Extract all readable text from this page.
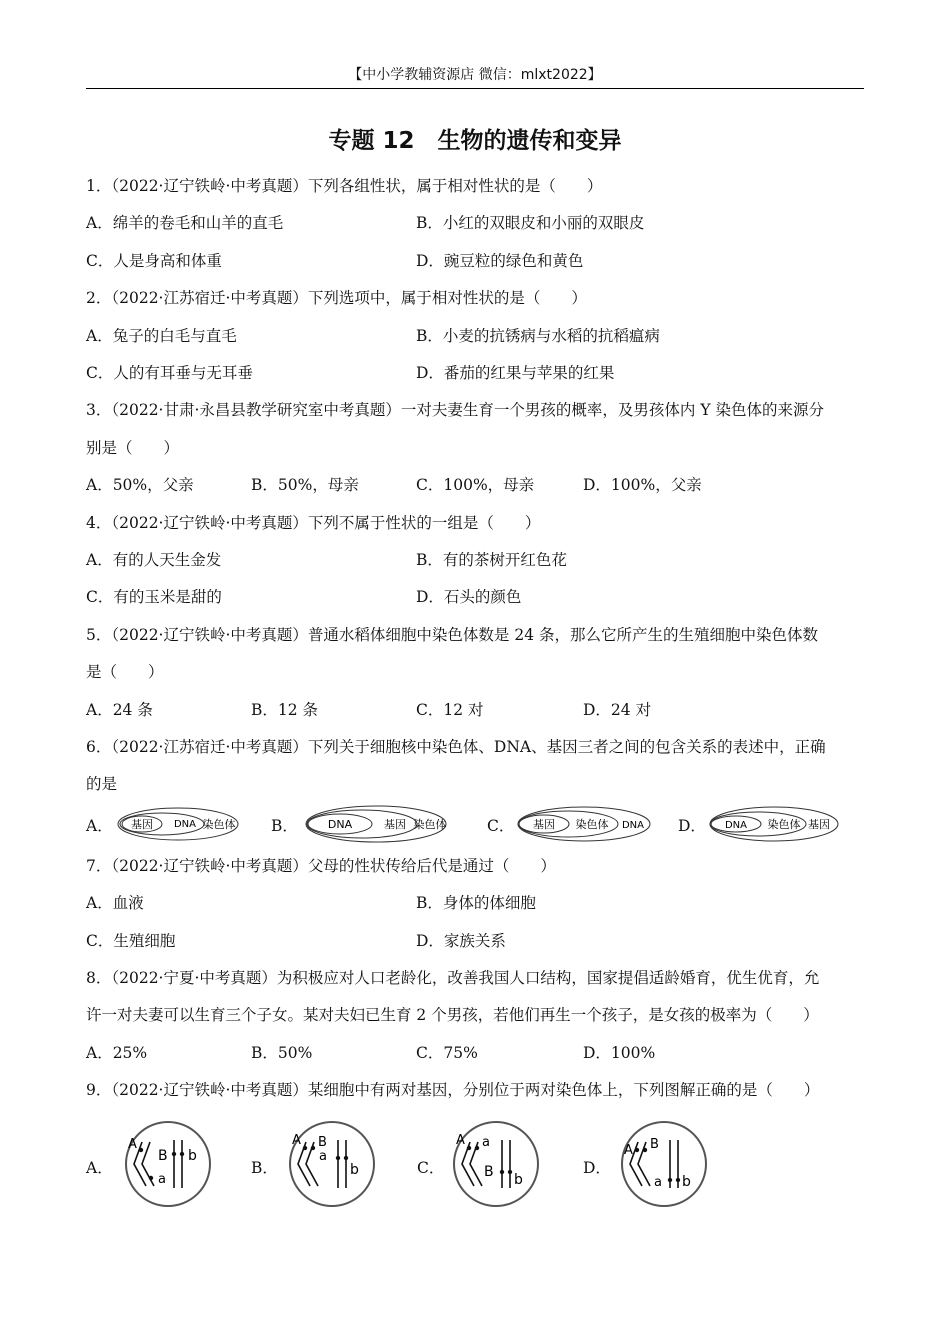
【中小学教辅资源店 微信：mlxt2022】
专题 12　生物的遗传和变异

1．（2022·辽宁铁岭·中考真题）下列各组性状，属于相对性状的是（　　）

A．绵羊的卷毛和山羊的直毛	B．小红的双眼皮和小丽的双眼皮
C．人是身高和体重	D．豌豆粒的绿色和黄色

2．（2022·江苏宿迁·中考真题）下列选项中，属于相对性状的是（　　）

A．兔子的白毛与直毛	B．小麦的抗锈病与水稻的抗稻瘟病
C．人的有耳垂与无耳垂	D．番茄的红果与苹果的红果

3．（2022·甘肃·永昌县教学研究室中考真题）一对夫妻生育一个男孩的概率，及男孩体内 Y 染色体的来源分

别是（　　）

A．50%，父亲	B．50%，母亲	C．100%，母亲	D．100%，父亲

4．（2022·辽宁铁岭·中考真题）下列不属于性状的一组是（　　）

A．有的人天生金发	B．有的茶树开红色花
C．有的玉米是甜的	D．石头的颜色

5．（2022·辽宁铁岭·中考真题）普通水稻体细胞中染色体数是 24 条，那么它所产生的生殖细胞中染色体数

是（　　）

A．24 条	B．12 条	C．12 对	D．24 对

6．（2022·江苏宿迁·中考真题）下列关于细胞核中染色体、DNA、基因三者之间的包含关系的表述中，正确

的是

A． 基因 DNA 染色体 B．	DNA	基因 染色体	C． 基因 染色体 DNA D． DNA 染色体 基因

7．（2022·辽宁铁岭·中考真题）父母的性状传给后代是通过（　　）

A．血液	B．身体的体细胞
C．生殖细胞	D．家族关系

8．（2022·宁夏·中考真题）为积极应对人口老龄化，改善我国人口结构，国家提倡适龄婚育，优生优育，允

许一对夫妻可以生育三个子女。某对夫妇已生育 2 个男孩，若他们再生一个孩子，是女孩的极率为（　　）

A．25%	B．50%	C．75%	D．100%

9．（2022·辽宁铁岭·中考真题）某细胞中有两对基因，分别位于两对染色体上，下列图解正确的是（　　）

A．
A
B b
a
B．
A B
a
b	C．
A a
B b
D．
A B
a b
